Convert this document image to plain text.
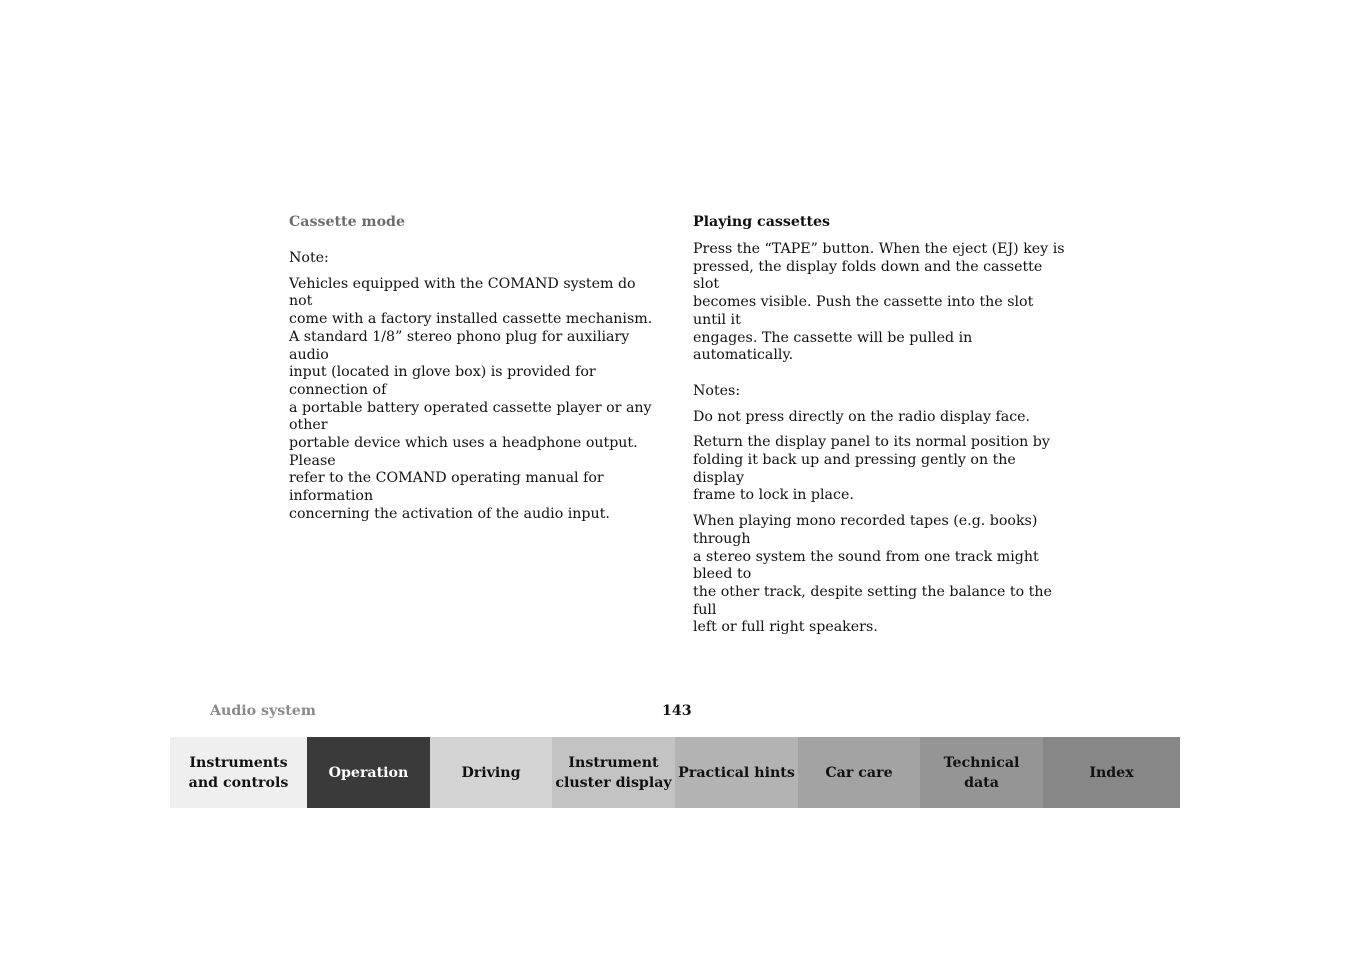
Cassette mode

Note:

Vehicles equipped with the COMAND system do not
come with a factory installed cassette mechanism.
A standard 1/8” stereo phono plug for auxiliary audio
input (located in glove box) is provided for connection of
a portable battery operated cassette player or any other
portable device which uses a headphone output. Please
refer to the COMAND operating manual for information
concerning the activation of the audio input.

Playing cassettes

Press the “TAPE” button. When the eject (EJ) key is
pressed, the display folds down and the cassette slot
becomes visible. Push the cassette into the slot until it
engages. The cassette will be pulled in automatically.

Notes:

Do not press directly on the radio display face.

Return the display panel to its normal position by
folding it back up and pressing gently on the display
frame to lock in place.

When playing mono recorded tapes (e.g. books) through
a stereo system the sound from one track might bleed to
the other track, despite setting the balance to the full
left or full right speakers.

Audio system	143
Instruments
and controls
Operation	Driving
Instrument
cluster display
Practical hints Car care
Technical
data
Index
